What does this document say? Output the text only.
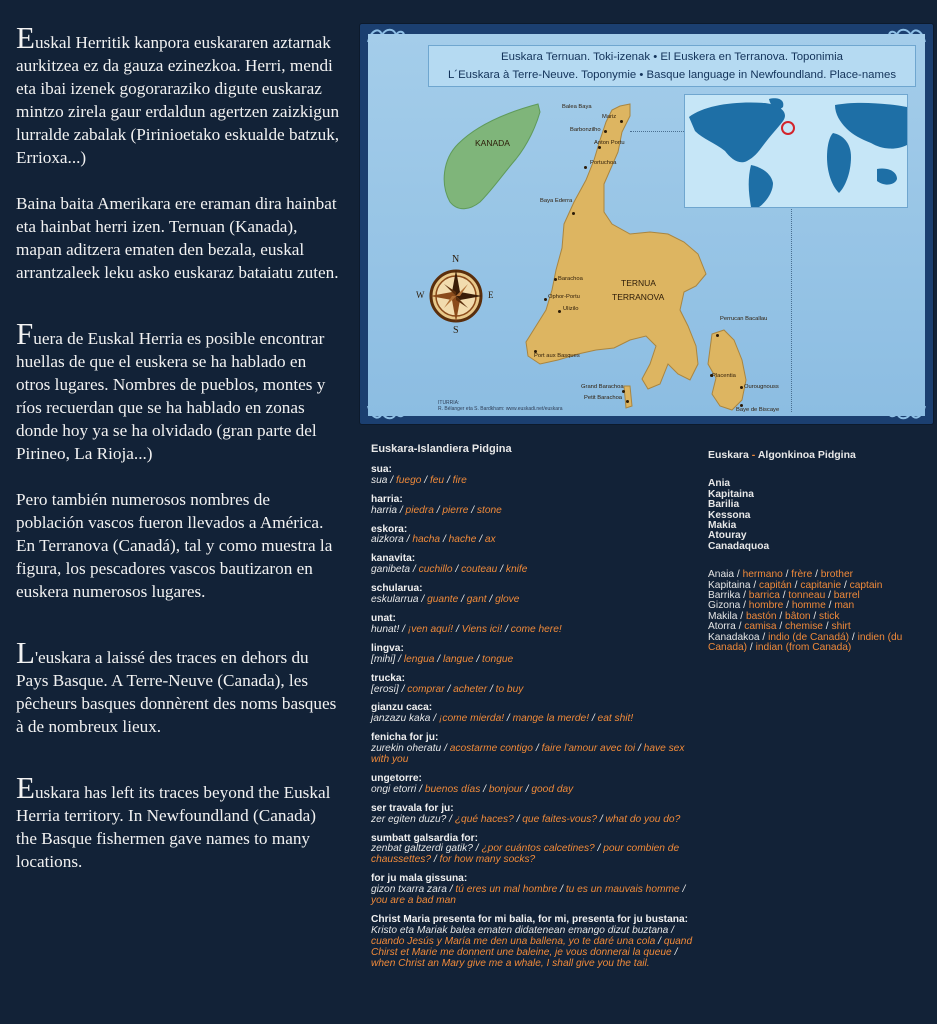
Euskal Herritik kanpora euskararen aztarnak aurkitzea ez da gauza ezinezkoa. Herri, mendi eta ibai izenek gogoraraziko digute euskaraz mintzo zirela gaur erdaldun agertzen zaizkigun lurralde zabalak (Pirinioetako eskualde batzuk, Errioxa...)

Baina baita Amerikara ere eraman dira hainbat eta hainbat herri izen. Ternuan (Kanada), mapan aditzera ematen den bezala, euskal arrantzaleek leku asko euskaraz bataiatu zuten.

Fuera de Euskal Herria es posible encontrar huellas de que el euskera se ha hablado en otros lugares. Nombres de pueblos, montes y ríos recuerdan que se ha hablado en zonas donde hoy ya se ha olvidado (gran parte del Pirineo, La Rioja...)

Pero también numerosos nombres de población vascos fueron llevados a América. En Terranova (Canadá), tal y como muestra la figura, los pescadores vascos bautizaron en euskera numerosos lugares.

L'euskara a laissé des traces en dehors du Pays Basque. A Terre-Neuve (Canada), les pêcheurs basques donnèrent des noms basques à de nombreux lieux.

Euskara has left its traces beyond the Euskal Herria territory. In Newfoundland (Canada) the Basque fishermen gave names to many locations.

KANADA
TERNUA
TERRANOVA
Balea Baya
Mariz
Barbonzilho
Anton Portu
Portuchoa
Baya Ederra
Barachoa
Ophor-Portu
Ulizilo
Port aux Basques
Perrucan Bacallau
Placentia
Ourougnouss
Grand Barachoa
Petit Barachoa
Baye de Biscaye
N
S
W	E
Euskara Ternuan. Toki-izenak • El Euskera en Terranova. Toponimia
L´Euskara à Terre-Neuve. Toponymie • Basque language in Newfoundland. Place-names
ITURRIA:
R. Bélanger eta S. Bardkham: www.euskadi.net/euskara
Euskara-Islandiera Pidgina
sua:
sua / fuego / feu / fire
harria:
harria / piedra / pierre / stone
eskora:
aizkora / hacha / hache / ax
kanavita:
ganibeta / cuchillo / couteau / knife
schularua:
eskularrua / guante / gant / glove
unat:
hunat! / ¡ven aquí! / Viens ici! / come here!
lingva:
[mihi] / lengua / langue / tongue
trucka:
[erosi] / comprar / acheter / to buy
gianzu caca:
janzazu kaka / ¡come mierda! / mange la merde! / eat shit!
fenicha for ju:
zurekin oheratu / acostarme contigo / faire l'amour avec toi / have sex with you
ungetorre:
ongi etorri / buenos días / bonjour / good day
ser travala for ju:
zer egiten duzu? / ¿qué haces? / que faites-vous? / what do you do?
sumbatt galsardia for:
zenbat galtzerdi gatik? / ¿por cuántos calcetines? / pour combien de chaussettes? / for how many socks?
for ju mala gissuna:
gizon txarra zara / tú eres un mal hombre / tu es un mauvais homme / you are a bad man
Christ Maria presenta for mi balia, for mi, presenta for ju bustana:
Kristo eta Mariak balea ematen didatenean emango dizut buztana / cuando Jesús y María me den una ballena, yo te daré una cola / quand Chirst et Marie me donnent une baleine, je vous donnerai la queue / when Christ an Mary give me a whale, I shall give you the tail.
Euskara - Algonkinoa Pidgina
Ania
Kapitaina
Barilia
Kessona
Makia
Atouray
Canadaquoa
Anaia / hermano / frère / brother
Kapitaina / capitán / capitanie / captain
Barrika / barrica / tonneau / barrel
Gizona / hombre / homme / man
Makila / bastón / bâton / stick
Atorra / camisa / chemise / shirt
Kanadakoa / indio (de Canadá) / indien (du Canada) / indian (from Canada)
